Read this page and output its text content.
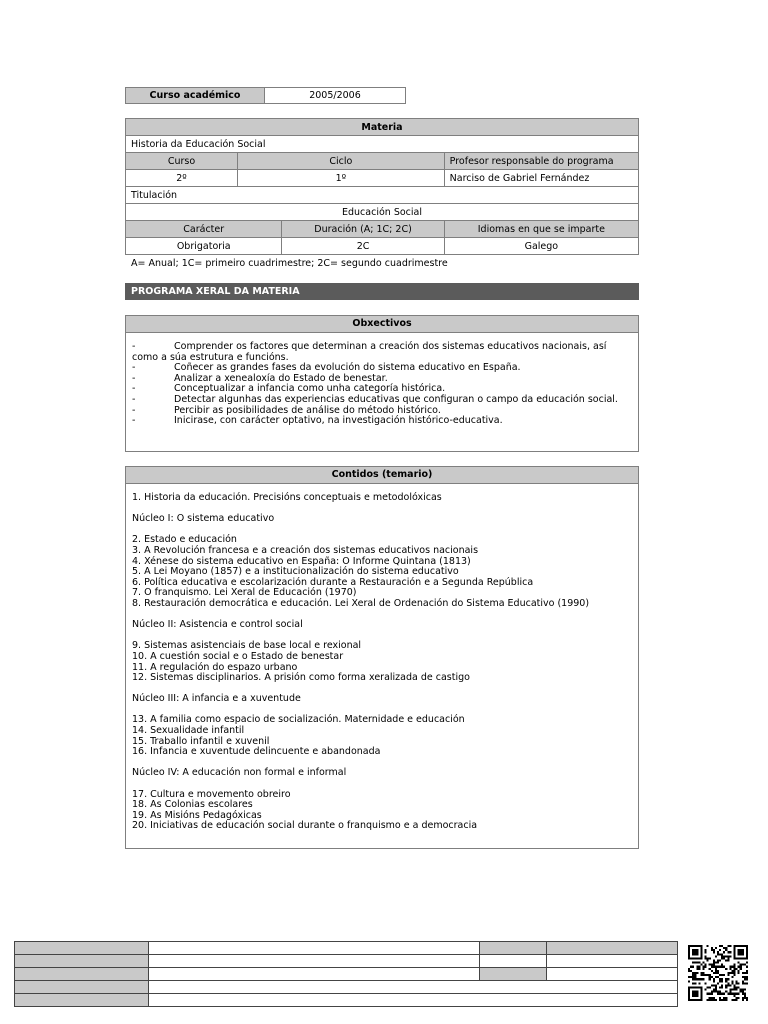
Curso académico	2005/2006
Materia			
Historia da Educación Social			
Curso	Ciclo		Profesor responsable do programa
2º	1º		Narciso de Gabriel Fernández
Titulación			
Educación Social			
Carácter		Duración (A; 1C; 2C)	Idiomas en que se imparte
Obrigatoria		2C	Galego
A= Anual; 1C= primeiro cuadrimestre; 2C= segundo cuadrimestre
PROGRAMA XERAL DA MATERIA
Obxectivos
-	Comprender os factores que determinan a creación dos sistemas educativos nacionais, así como a súa estrutura e funcións.
-	Coñecer as grandes fases da evolución do sistema educativo en España.
-	Analizar a xenealoxía do Estado de benestar.
-	Conceptualizar a infancia como unha categoría histórica.
-	Detectar algunhas das experiencias educativas que configuran o campo da educación social.
-	Percibir as posibilidades de análise do método histórico.
-	Inicirase, con carácter optativo, na investigación histórico-educativa.
Contidos (temario)
1. Historia da educación. Precisións conceptuais e metodolóxicas
Núcleo I: O sistema educativo
2. Estado e educación
3. A Revolución francesa e a creación dos sistemas educativos nacionais
4. Xénese do sistema educativo en España: O Informe Quintana (1813)
5. A Lei Moyano (1857) e a institucionalización do sistema educativo
6. Política educativa e escolarización durante a Restauración e a Segunda República
7. O franquismo. Lei Xeral de Educación (1970)
8. Restauración democrática e educación. Lei Xeral de Ordenación do Sistema Educativo (1990)
Núcleo II: Asistencia e control social
9. Sistemas asistenciais de base local e rexional
10. A cuestión social e o Estado de benestar
11. A regulación do espazo urbano
12. Sistemas disciplinarios. A prisión como forma xeralizada de castigo
Núcleo III: A infancia e a xuventude
13. A familia como espacio de socialización. Maternidade e educación
14. Sexualidade infantil
15. Traballo infantil e xuvenil
16. Infancia e xuventude delincuente e abandonada
Núcleo IV: A educación non formal e informal
17. Cultura e movemento obreiro
18. As Colonias escolares
19. As Misións Pedagóxicas
20. Iniciativas de educación social durante o franquismo e a democracia
